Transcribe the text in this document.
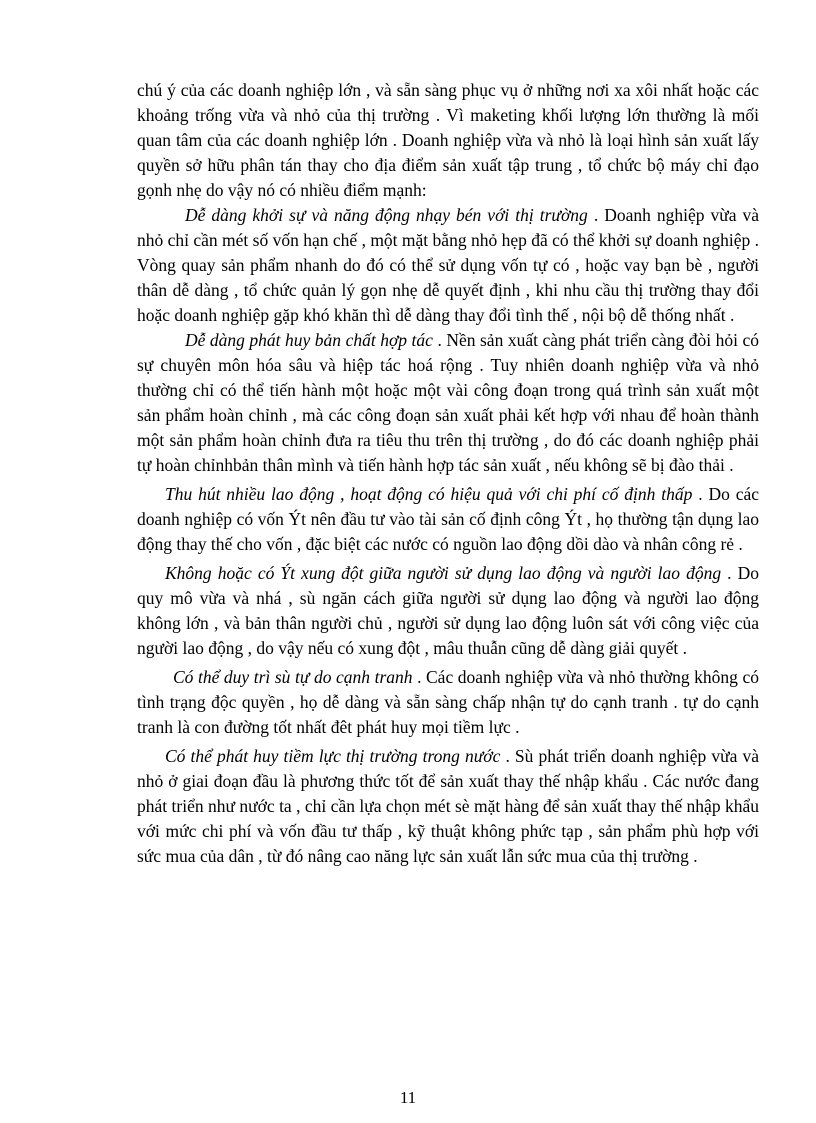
chú ý của các doanh nghiệp lớn , và sẵn sàng phục vụ ở những nơi xa xôi nhất hoặc các khoảng trống vừa và nhỏ của thị trường . Vì maketing khối lượng lớn thường là mối quan tâm của các doanh nghiệp lớn . Doanh nghiệp vừa và nhỏ là loại hình sản xuất lấy quyền sở hữu phân tán thay cho địa điểm sản xuất tập trung , tổ chức bộ máy chỉ đạo gọnh nhẹ do vậy nó có nhiều điểm mạnh:

Dễ dàng khởi sự và năng động nhạy bén với thị trường . Doanh nghiệp vừa và nhỏ chỉ cần mét số vốn hạn chế , một mặt bằng nhỏ hẹp đã có thể khởi sự doanh nghiệp . Vòng quay sản phẩm nhanh do đó có thể sử dụng vốn tự có , hoặc vay bạn bè , người thân dễ dàng , tổ chức quản lý gọn nhẹ dễ quyết định , khi nhu cầu thị trường thay đổi hoặc doanh nghiệp gặp khó khăn thì dễ dàng thay đổi tình thế , nội bộ dễ thống nhất .

Dễ dàng phát huy bản chất hợp tác . Nền sản xuất càng phát triển càng đòi hỏi có sự chuyên môn hóa sâu và hiệp tác hoá rộng . Tuy nhiên doanh nghiệp vừa và nhỏ thường chỉ có thể tiến hành một hoặc một vài công đoạn trong quá trình sản xuất một sản phẩm hoàn chỉnh , mà các công đoạn sản xuất phải kết hợp với nhau để hoàn thành một sản phẩm hoàn chỉnh đưa ra tiêu thu trên thị trường , do đó các doanh nghiệp phải tự hoàn chỉnhbản thân mình và tiến hành hợp tác sản xuất , nếu không sẽ bị đào thải .

Thu hút nhiều lao động , hoạt động có hiệu quả với chi phí cố định thấp . Do các doanh nghiệp có vốn Ýt nên đầu tư vào tài sản cố định công Ýt , họ thường tận dụng lao động thay thế cho vốn , đặc biệt các nước có nguồn lao động dồi dào và nhân công rẻ .

Không hoặc có Ýt xung đột giữa người sử dụng lao động và người lao động . Do quy mô vừa và nhá , sù ngăn cách giữa người sử dụng lao động và người lao động không lớn , và bản thân người chủ , người sử dụng lao động luôn sát với công việc của người lao động , do vậy nếu có xung đột , mâu thuẫn cũng dễ dàng giải quyết .

Có thể duy trì sù tự do cạnh tranh . Các doanh nghiệp vừa và nhỏ thường không có tình trạng độc quyền , họ dễ dàng và sẵn sàng chấp nhận tự do cạnh tranh . tự do cạnh tranh là con đường tốt nhất đêt phát huy mọi tiềm lực .

Có thể phát huy tiềm lực thị trường trong nước . Sù phát triển doanh nghiệp vừa và nhỏ ở giai đoạn đầu là phương thức tốt để sản xuất thay thế nhập khẩu . Các nước đang phát triển như nước ta , chỉ cần lựa chọn mét sè mặt hàng để sản xuất thay thế nhập khẩu với mức chi phí và vốn đầu tư thấp , kỹ thuật không phức tạp , sản phẩm phù hợp với sức mua của dân , từ đó nâng cao năng lực sản xuất lẫn sức mua của thị trường .

11
